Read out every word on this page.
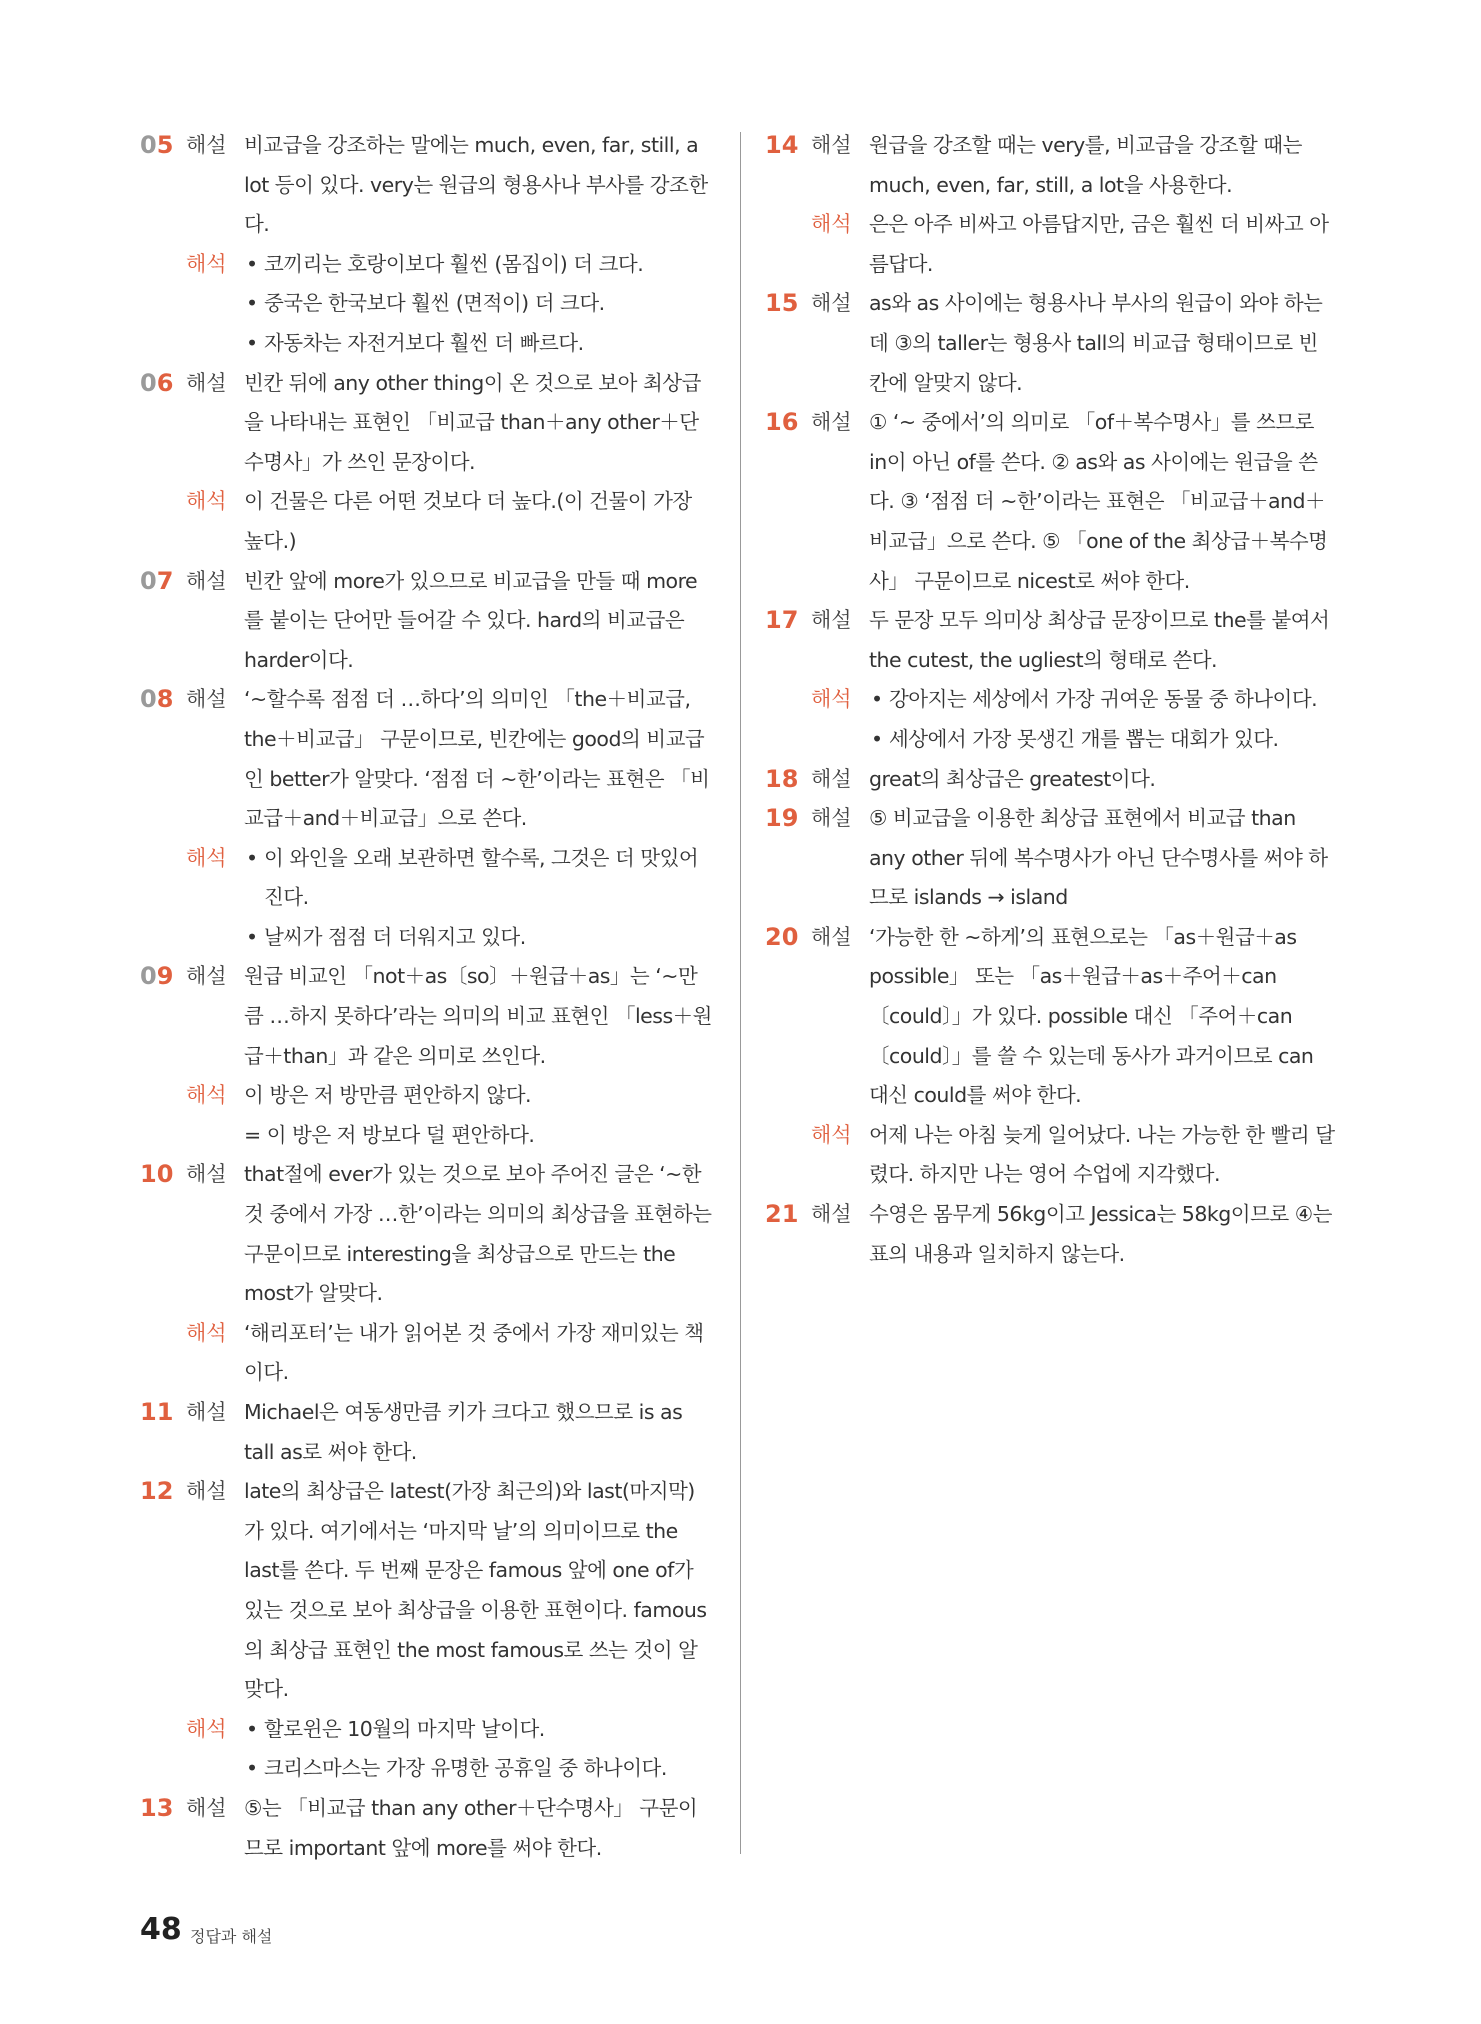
05 해설 비교급을 강조하는 말에는 much, even, far, still, a lot 등이 있다. very는 원급의 형용사나 부사를 강조한다.
해석	• 코끼리는 호랑이보다 훨씬 (몸집이) 더 크다.
• 중국은 한국보다 훨씬 (면적이) 더 크다.
• 자동차는 자전거보다 훨씬 더 빠르다.
06 해설 빈칸 뒤에 any other thing이 온 것으로 보아 최상급을 나타내는 표현인 「비교급 than＋any other＋단수명사」가 쓰인 문장이다.
해석 이 건물은 다른 어떤 것보다 더 높다.(이 건물이 가장 높다.)
07 해설 빈칸 앞에 more가 있으므로 비교급을 만들 때 more를 붙이는 단어만 들어갈 수 있다. hard의 비교급은 harder이다.
08 해설 ‘~할수록 점점 더 …하다’의 의미인 「the＋비교급, the＋비교급」 구문이므로, 빈칸에는 good의 비교급인 better가 알맞다. ‘점점 더 ~한’이라는 표현은 「비교급＋and＋비교급」으로 쓴다.
해석	• 이 와인을 오래 보관하면 할수록, 그것은 더 맛있어 진다.
• 날씨가 점점 더 더워지고 있다.
09 해설 원급 비교인 「not＋as〔so〕＋원급＋as」는 ‘~만큼 …하지 못하다’라는 의미의 비교 표현인 「less＋원급＋than」과 같은 의미로 쓰인다.
해석 이 방은 저 방만큼 편안하지 않다.
= 이 방은 저 방보다 덜 편안하다.
10 해설 that절에 ever가 있는 것으로 보아 주어진 글은 ‘~한 것 중에서 가장 …한’이라는 의미의 최상급을 표현하는 구문이므로 interesting을 최상급으로 만드는 the most가 알맞다.
해석 ‘해리포터’는 내가 읽어본 것 중에서 가장 재미있는 책이다.
11 해설 Michael은 여동생만큼 키가 크다고 했으므로 is as tall as로 써야 한다.
12 해설 late의 최상급은 latest(가장 최근의)와 last(마지막)가 있다. 여기에서는 ‘마지막 날’의 의미이므로 the last를 쓴다. 두 번째 문장은 famous 앞에 one of가 있는 것으로 보아 최상급을 이용한 표현이다. famous의 최상급 표현인 the most famous로 쓰는 것이 알맞다.
해석	• 할로윈은 10월의 마지막 날이다.
• 크리스마스는 가장 유명한 공휴일 중 하나이다.
13 해설 ⑤는 「비교급 than any other＋단수명사」 구문이므로 important 앞에 more를 써야 한다.
14 해설 원급을 강조할 때는 very를, 비교급을 강조할 때는 much, even, far, still, a lot을 사용한다.
해석 은은 아주 비싸고 아름답지만, 금은 훨씬 더 비싸고 아름답다.
15 해설 as와 as 사이에는 형용사나 부사의 원급이 와야 하는데 ③의 taller는 형용사 tall의 비교급 형태이므로 빈칸에 알맞지 않다.
16 해설 ① ‘~ 중에서’의 의미로 「of＋복수명사」를 쓰므로 in이 아닌 of를 쓴다. ② as와 as 사이에는 원급을 쓴다. ③ ‘점점 더 ~한’이라는 표현은 「비교급＋and＋비교급」으로 쓴다. ⑤ 「one of the 최상급＋복수명사」 구문이므로 nicest로 써야 한다.
17 해설 두 문장 모두 의미상 최상급 문장이므로 the를 붙여서 the cutest, the ugliest의 형태로 쓴다.
해석	• 강아지는 세상에서 가장 귀여운 동물 중 하나이다.
• 세상에서 가장 못생긴 개를 뽑는 대회가 있다.
18 해설 great의 최상급은 greatest이다.
19 해설 ⑤ 비교급을 이용한 최상급 표현에서 비교급 than any other 뒤에 복수명사가 아닌 단수명사를 써야 하므로 islands → island
20 해설 ‘가능한 한 ~하게’의 표현으로는 「as＋원급＋as possible」 또는 「as＋원급＋as＋주어＋can〔could〕」가 있다. possible 대신 「주어＋can〔could〕」를 쓸 수 있는데 동사가 과거이므로 can 대신 could를 써야 한다.
해석 어제 나는 아침 늦게 일어났다. 나는 가능한 한 빨리 달렸다. 하지만 나는 영어 수업에 지각했다.
21 해설 수영은 몸무게 56kg이고 Jessica는 58kg이므로 ④는 표의 내용과 일치하지 않는다.
48 정답과 해설
